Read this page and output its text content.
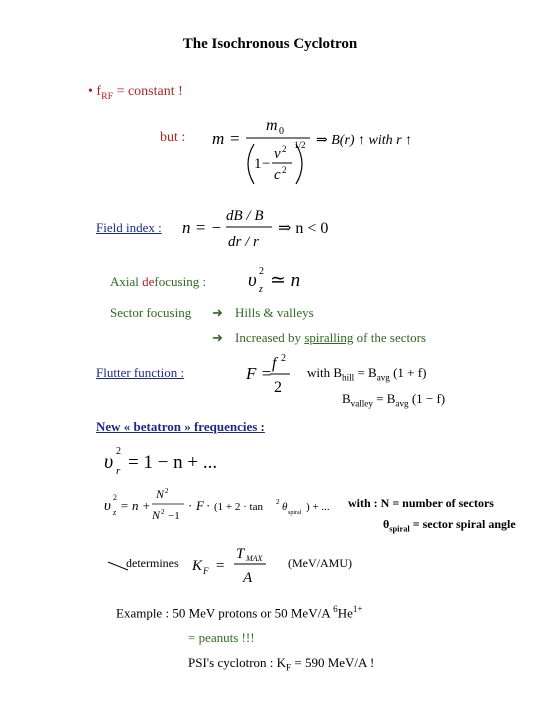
The Isochronous Cyclotron
• $f_{RF}$ = constant !
but : m =
m 0
1 −
v 2
c 2
1/2 ⇒ B(r) ↑ with r ↑
Field index : n = −
dB / B
dr / r
⇒ n < 0
Axial defocusing : υ 2
z ≃ n
Sector focusing ➜ Hills & valleys
➜ Increased by spiralling of the sectors
Flutter function :	F =
f 2
2
with $B_{hill} = B_{avg}$ (1 + f)
$B_{valley} = B_{avg}$ (1 − f)
New « betatron » frequencies :
υ 2
r = 1 − n + ...
υ
2
z = n +
N 2
N 2 −1
· F · (1 + 2 · tan 2 θ spiral ) + ... with : N = number of sectors
$\theta_{spiral}$ = sector spiral angle
determines K F =
T MAX
A
(MeV/AMU)
Example : 50 MeV protons or 50 MeV/A $^6He^{1+}$
= peanuts !!!
PSI's cyclotron : $K_F = 590$ MeV/A !
